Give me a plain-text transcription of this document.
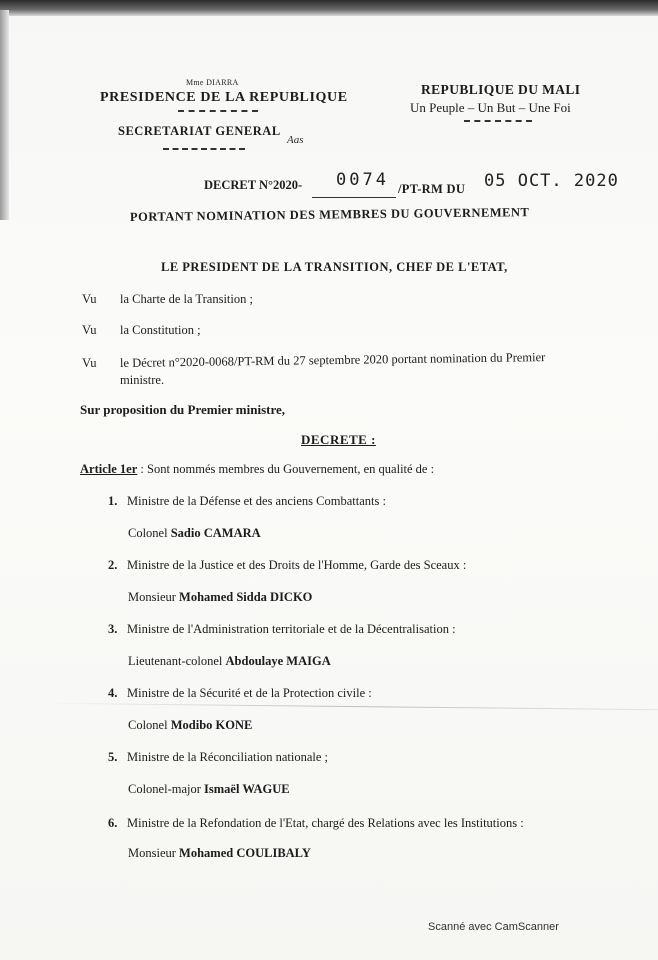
Mme DIARRA
PRESIDENCE DE LA REPUBLIQUE
SECRETARIAT GENERAL
Aas
REPUBLIQUE DU MALI
Un Peuple – Un But – Une Foi
DECRET N°2020- 0074 /PT-RM DU 05 OCT. 2020
PORTANT NOMINATION DES MEMBRES DU GOUVERNEMENT
LE PRESIDENT DE LA TRANSITION, CHEF DE L'ETAT,
Vu la Charte de la Transition ;
Vu la Constitution ;
Vu le Décret n°2020-0068/PT-RM du 27 septembre 2020 portant nomination du Premier
ministre.
Sur proposition du Premier ministre,
DECRETE :
Article 1er : Sont nommés membres du Gouvernement, en qualité de :
1. Ministre de la Défense et des anciens Combattants :
Colonel Sadio CAMARA
2. Ministre de la Justice et des Droits de l'Homme, Garde des Sceaux :
Monsieur Mohamed Sidda DICKO
3. Ministre de l'Administration territoriale et de la Décentralisation :
Lieutenant-colonel Abdoulaye MAIGA
4. Ministre de la Sécurité et de la Protection civile :
Colonel Modibo KONE
5. Ministre de la Réconciliation nationale ;
Colonel-major Ismaël WAGUE
6. Ministre de la Refondation de l'Etat, chargé des Relations avec les Institutions :
Monsieur Mohamed COULIBALY
Scanné avec CamScanner
